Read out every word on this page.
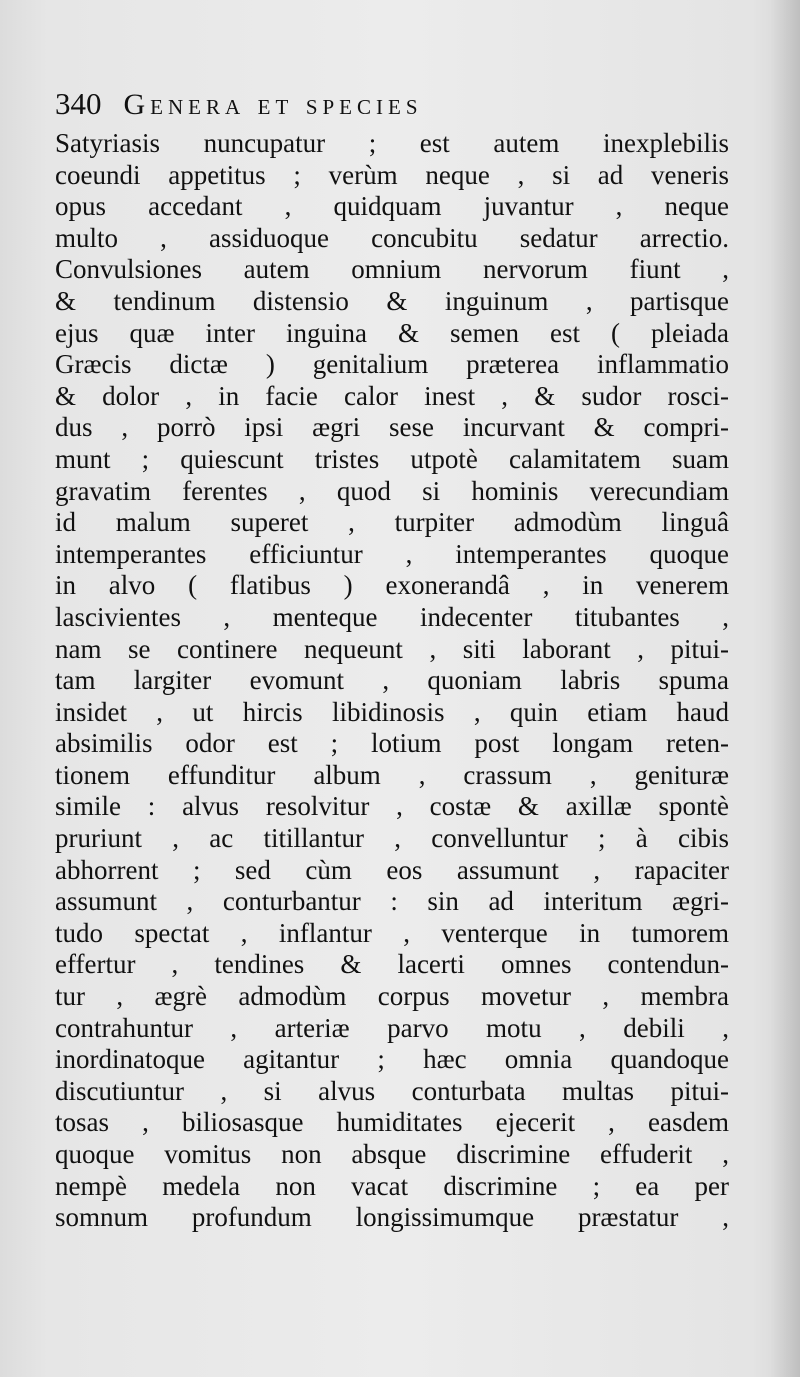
340 Genera et species
Satyriasis nuncupatur ; est autem inexplebilis
coeundi appetitus ; verùm neque , si ad veneris
opus accedant , quidquam juvantur , neque
multo , assiduoque concubitu sedatur arrectio.
Convulsiones autem omnium nervorum fiunt ,
& tendinum distensio & inguinum , partisque
ejus quæ inter inguina & semen est ( pleiada
Græcis dictæ ) genitalium præterea inflammatio
& dolor , in facie calor inest , & sudor rosci-
dus , porrò ipsi ægri sese incurvant & compri-
munt ; quiescunt tristes utpotè calamitatem suam
gravatim ferentes , quod si hominis verecundiam
id malum superet , turpiter admodùm linguâ
intemperantes efficiuntur , intemperantes quoque
in alvo ( flatibus ) exonerandâ , in venerem
lascivientes , menteque indecenter titubantes ,
nam se continere nequeunt , siti laborant , pitui-
tam largiter evomunt , quoniam labris spuma
insidet , ut hircis libidinosis , quin etiam haud
absimilis odor est ; lotium post longam reten-
tionem effunditur album , crassum , genituræ
simile : alvus resolvitur , costæ & axillæ spontè
pruriunt , ac titillantur , convelluntur ; à cibis
abhorrent ; sed cùm eos assumunt , rapaciter
assumunt , conturbantur : sin ad interitum ægri-
tudo spectat , inflantur , venterque in tumorem
effertur , tendines & lacerti omnes contendun-
tur , ægrè admodùm corpus movetur , membra
contrahuntur , arteriæ parvo motu , debili ,
inordinatoque agitantur ; hæc omnia quandoque
discutiuntur , si alvus conturbata multas pitui-
tosas , biliosasque humiditates ejecerit , easdem
quoque vomitus non absque discrimine effuderit ,
nempè medela non vacat discrimine ; ea per
somnum profundum longissimumque præstatur ,
